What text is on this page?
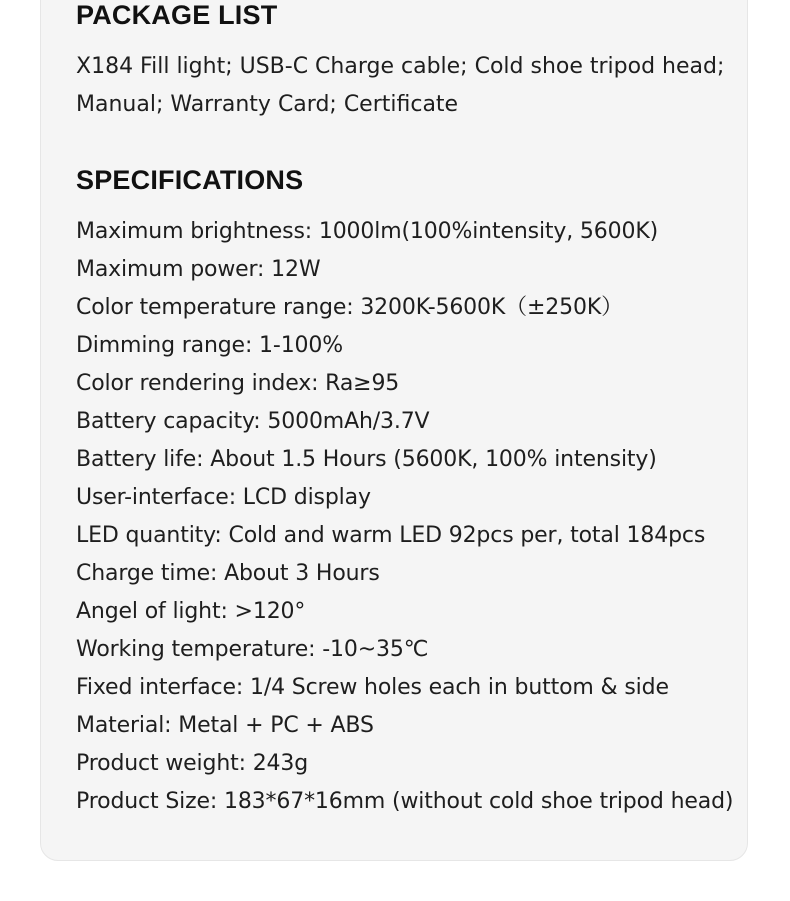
PACKAGE LIST

X184 Fill light; USB-C Charge cable; Cold shoe tripod head;

Manual; Warranty Card; Certificate

SPECIFICATIONS
Maximum brightness: 1000lm(100%intensity, 5600K)
Maximum power: 12W
Color temperature range: 3200K-5600K（±250K）
Dimming range: 1-100%
Color rendering index: Ra≥95
Battery capacity: 5000mAh/3.7V
Battery life: About 1.5 Hours (5600K, 100% intensity)
User-interface: LCD display
LED quantity: Cold and warm LED 92pcs per, total 184pcs
Charge time: About 3 Hours
Angel of light: >120°
Working temperature: -10~35℃
Fixed interface: 1/4 Screw holes each in buttom & side
Material: Metal + PC + ABS
Product weight: 243g
Product Size: 183*67*16mm (without cold shoe tripod head)
